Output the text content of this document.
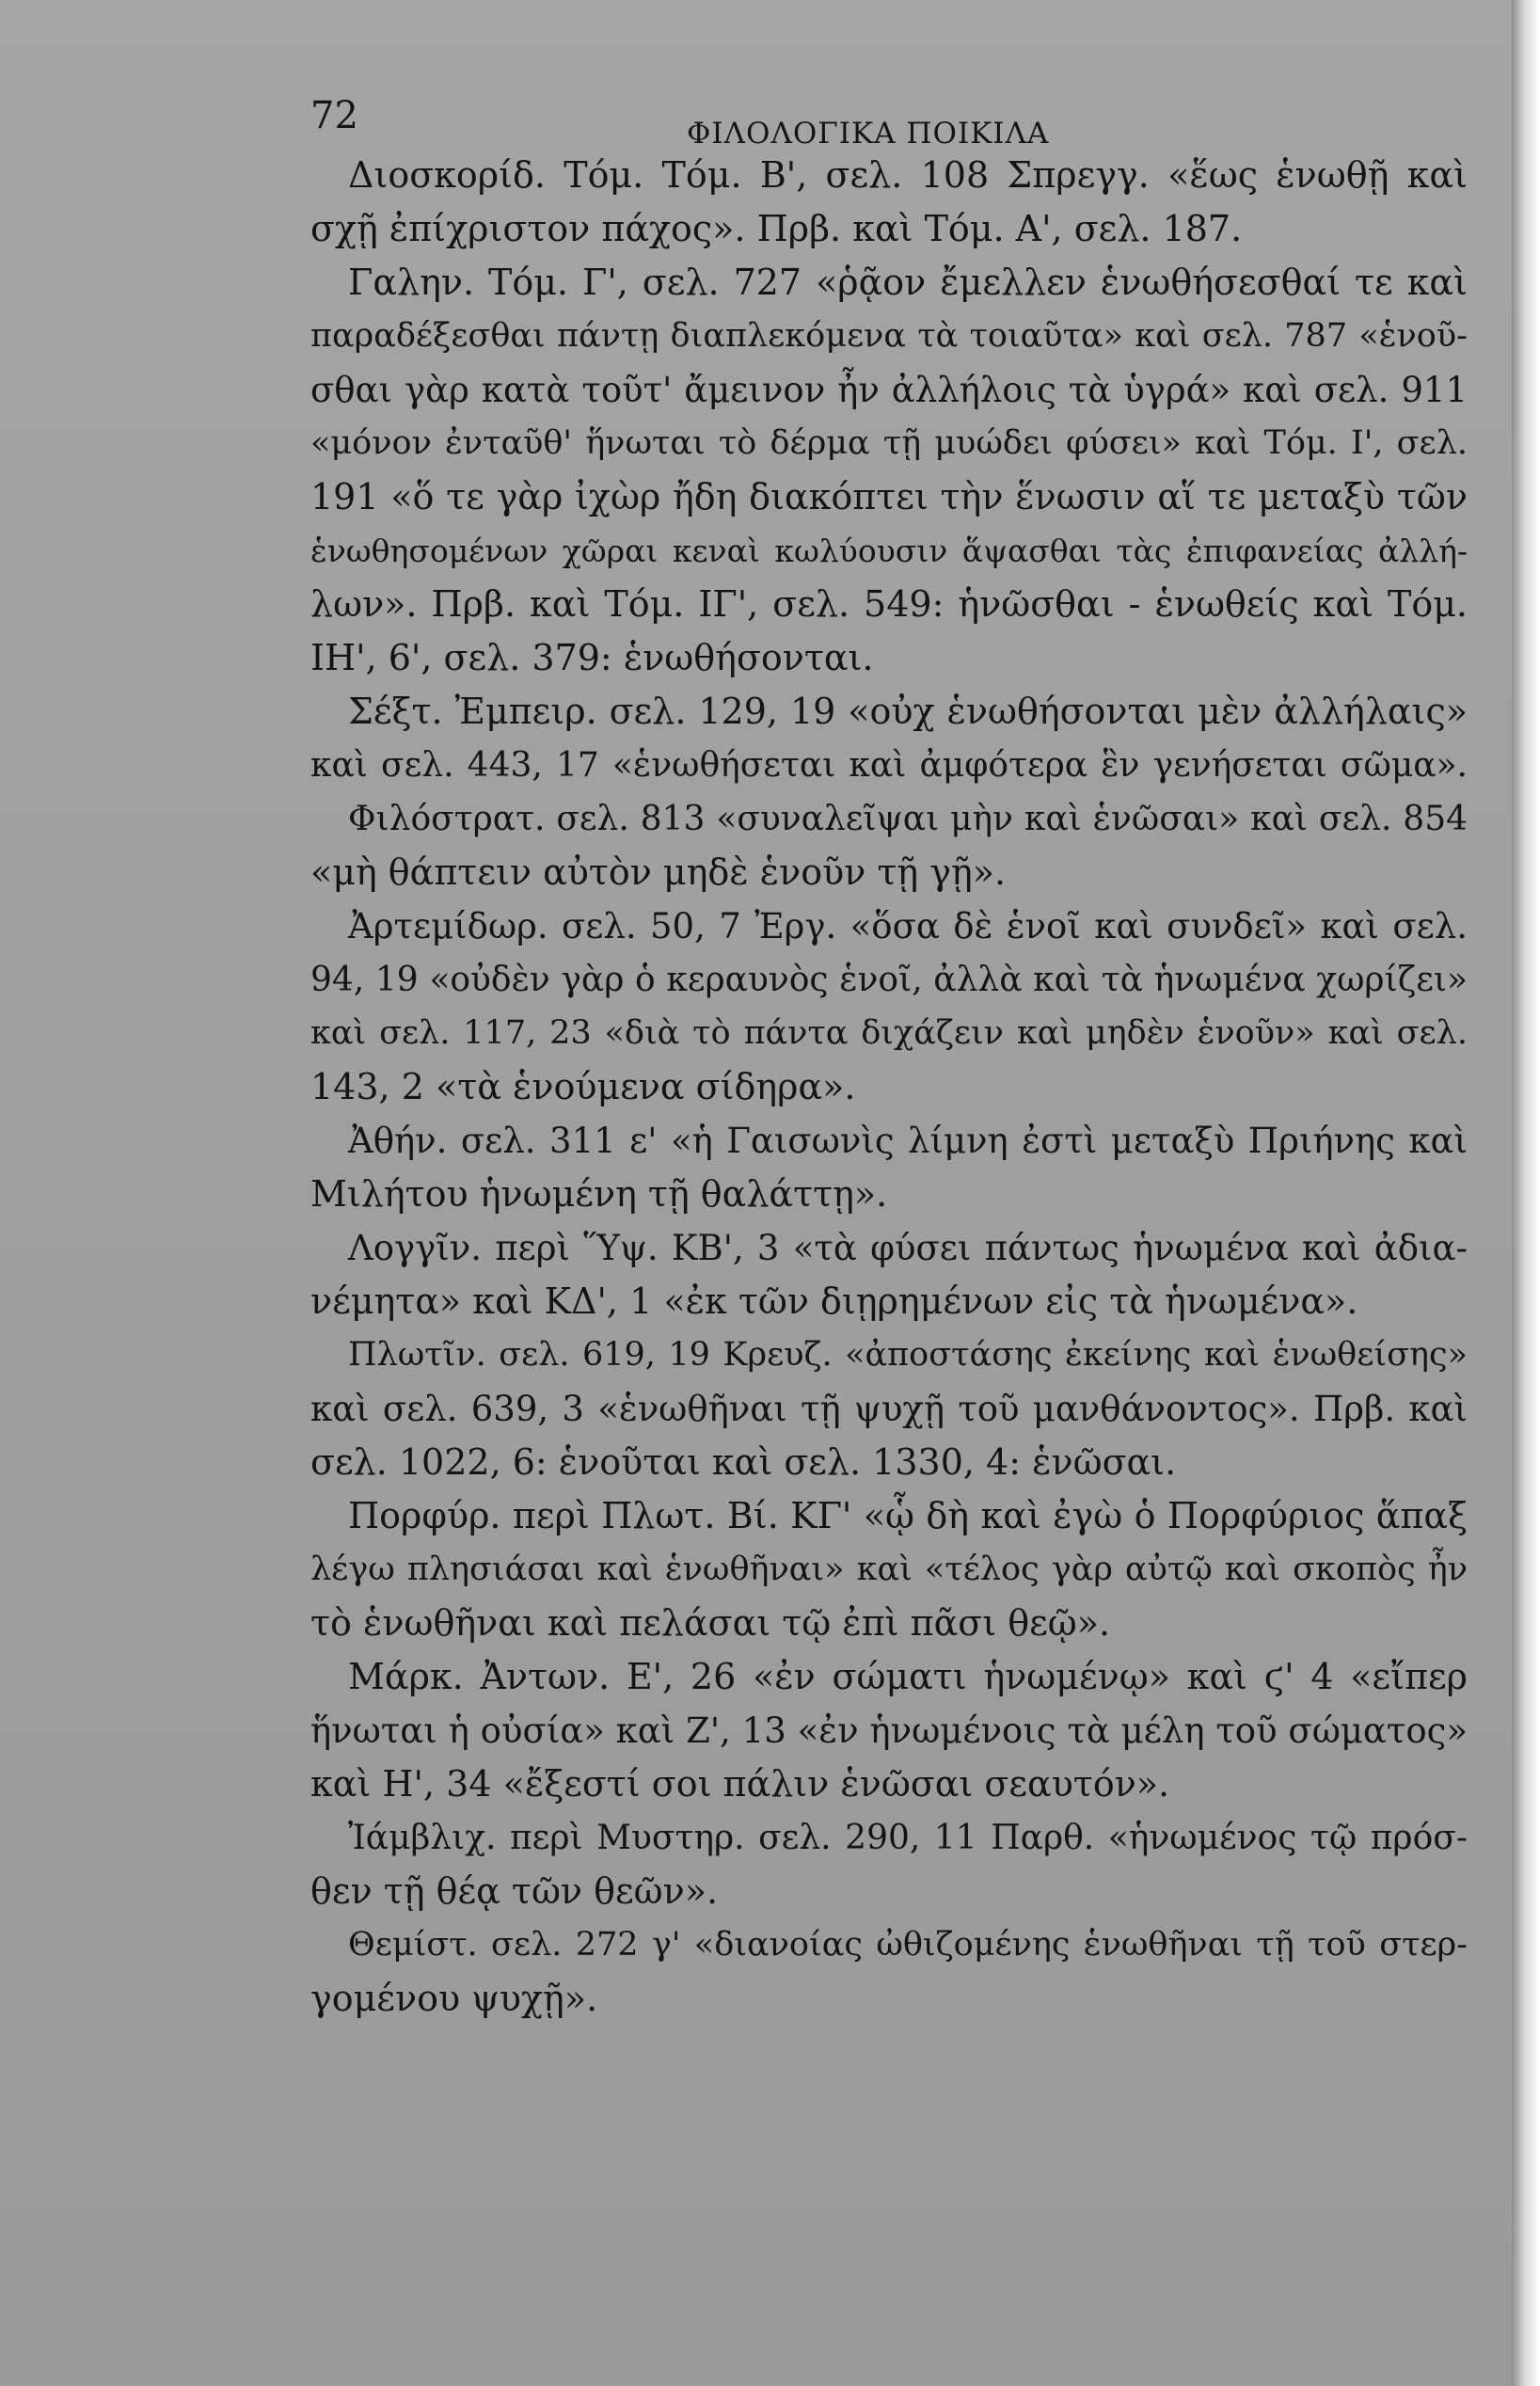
72	ΦΙΛΟΛΟΓΙΚΑ ΠΟΙΚΙΛΑ
Διοσκορίδ. Τόμ. Τόμ. Β', σελ. 108 Σπρεγγ. «ἕως ἑνωθῇ καὶ
σχῇ ἐπίχριστον πάχος». Πρβ. καὶ Τόμ. Α', σελ. 187.
Γαλην. Τόμ. Γ', σελ. 727 «ῥᾷον ἔμελλεν ἑνωθήσεσθαί τε καὶ
παραδέξεσθαι πάντῃ διαπλεκόμενα τὰ τοιαῦτα» καὶ σελ. 787 «ἑνοῦ-
σθαι γὰρ κατὰ τοῦτ' ἄμεινον ἦν ἀλλήλοις τὰ ὑγρά» καὶ σελ. 911
«μόνον ἐνταῦθ' ἥνωται τὸ δέρμα τῇ μυώδει φύσει» καὶ Τόμ. Ι', σελ.
191 «ὅ τε γὰρ ἰχὼρ ἤδη διακόπτει τὴν ἕνωσιν αἵ τε μεταξὺ τῶν
ἑνωθησομένων χῶραι κεναὶ κωλύουσιν ἅψασθαι τὰς ἐπιφανείας ἀλλή-
λων». Πρβ. καὶ Τόμ. ΙΓ', σελ. 549: ἡνῶσθαι - ἑνωθείς καὶ Τόμ.
ΙΗ', 6', σελ. 379: ἑνωθήσονται.
Σέξτ. Ἐμπειρ. σελ. 129, 19 «οὐχ ἑνωθήσονται μὲν ἀλλήλαις»
καὶ σελ. 443, 17 «ἑνωθήσεται καὶ ἀμφότερα ἓν γενήσεται σῶμα».
Φιλόστρατ. σελ. 813 «συναλεῖψαι μὴν καὶ ἑνῶσαι» καὶ σελ. 854
«μὴ θάπτειν αὐτὸν μηδὲ ἑνοῦν τῇ γῇ».
Ἀρτεμίδωρ. σελ. 50, 7 Ἐργ. «ὅσα δὲ ἑνοῖ καὶ συνδεῖ» καὶ σελ.
94, 19 «οὐδὲν γὰρ ὁ κεραυνὸς ἑνοῖ, ἀλλὰ καὶ τὰ ἡνωμένα χωρίζει»
καὶ σελ. 117, 23 «διὰ τὸ πάντα διχάζειν καὶ μηδὲν ἑνοῦν» καὶ σελ.
143, 2 «τὰ ἑνούμενα σίδηρα».
Ἀθήν. σελ. 311 ε' «ἡ Γαισωνὶς λίμνη ἐστὶ μεταξὺ Πριήνης καὶ
Μιλήτου ἡνωμένη τῇ θαλάττῃ».
Λογγῖν. περὶ Ὕψ. ΚΒ', 3 «τὰ φύσει πάντως ἡνωμένα καὶ ἀδια-
νέμητα» καὶ ΚΔ', 1 «ἐκ τῶν διῃρημένων εἰς τὰ ἡνωμένα».
Πλωτῖν. σελ. 619, 19 Κρευζ. «ἀποστάσης ἐκείνης καὶ ἑνωθείσης»
καὶ σελ. 639, 3 «ἑνωθῆναι τῇ ψυχῇ τοῦ μανθάνοντος». Πρβ. καὶ
σελ. 1022, 6: ἑνοῦται καὶ σελ. 1330, 4: ἑνῶσαι.
Πορφύρ. περὶ Πλωτ. Βί. ΚΓ' «ᾧ δὴ καὶ ἐγὼ ὁ Πορφύριος ἅπαξ
λέγω πλησιάσαι καὶ ἑνωθῆναι» καὶ «τέλος γὰρ αὐτῷ καὶ σκοπὸς ἦν
τὸ ἑνωθῆναι καὶ πελάσαι τῷ ἐπὶ πᾶσι θεῷ».
Μάρκ. Ἀντων. Ε', 26 «ἐν σώματι ἡνωμένῳ» καὶ ϛ' 4 «εἴπερ
ἥνωται ἡ οὐσία» καὶ Ζ', 13 «ἐν ἡνωμένοις τὰ μέλη τοῦ σώματος»
καὶ Η', 34 «ἔξεστί σοι πάλιν ἑνῶσαι σεαυτόν».
Ἰάμβλιχ. περὶ Μυστηρ. σελ. 290, 11 Παρθ. «ἡνωμένος τῷ πρόσ-
θεν τῇ θέᾳ τῶν θεῶν».
Θεμίστ. σελ. 272 γ' «διανοίας ὠθιζομένης ἑνωθῆναι τῇ τοῦ στερ-
γομένου ψυχῇ».
